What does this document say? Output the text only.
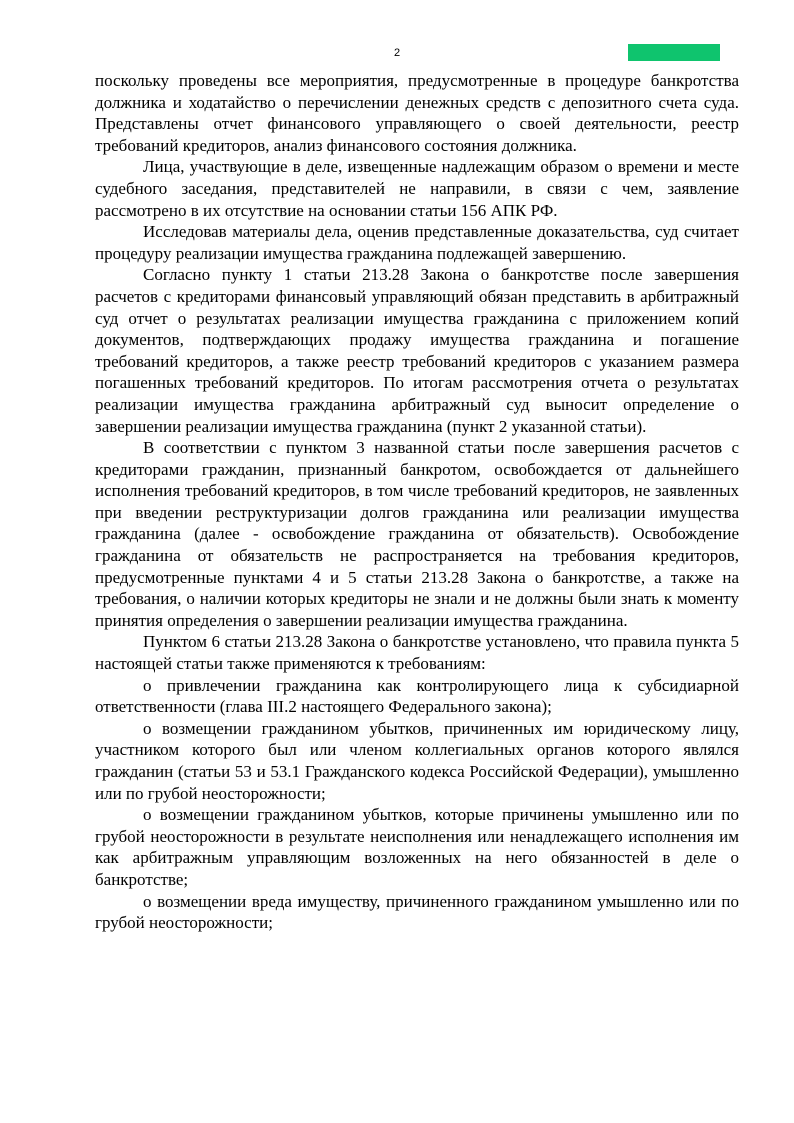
2

поскольку проведены все мероприятия, предусмотренные в процедуре банкротства должника и ходатайство о перечислении денежных средств с депозитного счета суда. Представлены отчет финансового управляющего о своей деятельности, реестр требований кредиторов, анализ финансового состояния должника.

Лица, участвующие в деле, извещенные надлежащим образом о времени и месте судебного заседания, представителей не направили, в связи с чем, заявление рассмотрено в их отсутствие на основании статьи 156 АПК РФ.

Исследовав материалы дела, оценив представленные доказательства, суд считает процедуру реализации имущества гражданина подлежащей завершению.

Согласно пункту 1 статьи 213.28 Закона о банкротстве после завершения расчетов с кредиторами финансовый управляющий обязан представить в арбитражный суд отчет о результатах реализации имущества гражданина с приложением копий документов, подтверждающих продажу имущества гражданина и погашение требований кредиторов, а также реестр требований кредиторов с указанием размера погашенных требований кредиторов. По итогам рассмотрения отчета о результатах реализации имущества гражданина арбитражный суд выносит определение о завершении реализации имущества гражданина (пункт 2 указанной статьи).

В соответствии с пунктом 3 названной статьи после завершения расчетов с кредиторами гражданин, признанный банкротом, освобождается от дальнейшего исполнения требований кредиторов, в том числе требований кредиторов, не заявленных при введении реструктуризации долгов гражданина или реализации имущества гражданина (далее - освобождение гражданина от обязательств). Освобождение гражданина от обязательств не распространяется на требования кредиторов, предусмотренные пунктами 4 и 5 статьи 213.28 Закона о банкротстве, а также на требования, о наличии которых кредиторы не знали и не должны были знать к моменту принятия определения о завершении реализации имущества гражданина.

Пунктом 6 статьи 213.28 Закона о банкротстве установлено, что правила пункта 5 настоящей статьи также применяются к требованиям:

о привлечении гражданина как контролирующего лица к субсидиарной ответственности (глава III.2 настоящего Федерального закона);

о возмещении гражданином убытков, причиненных им юридическому лицу, участником которого был или членом коллегиальных органов которого являлся гражданин (статьи 53 и 53.1 Гражданского кодекса Российской Федерации), умышленно или по грубой неосторожности;

о возмещении гражданином убытков, которые причинены умышленно или по грубой неосторожности в результате неисполнения или ненадлежащего исполнения им как арбитражным управляющим возложенных на него обязанностей в деле о банкротстве;

о возмещении вреда имуществу, причиненного гражданином умышленно или по грубой неосторожности;
